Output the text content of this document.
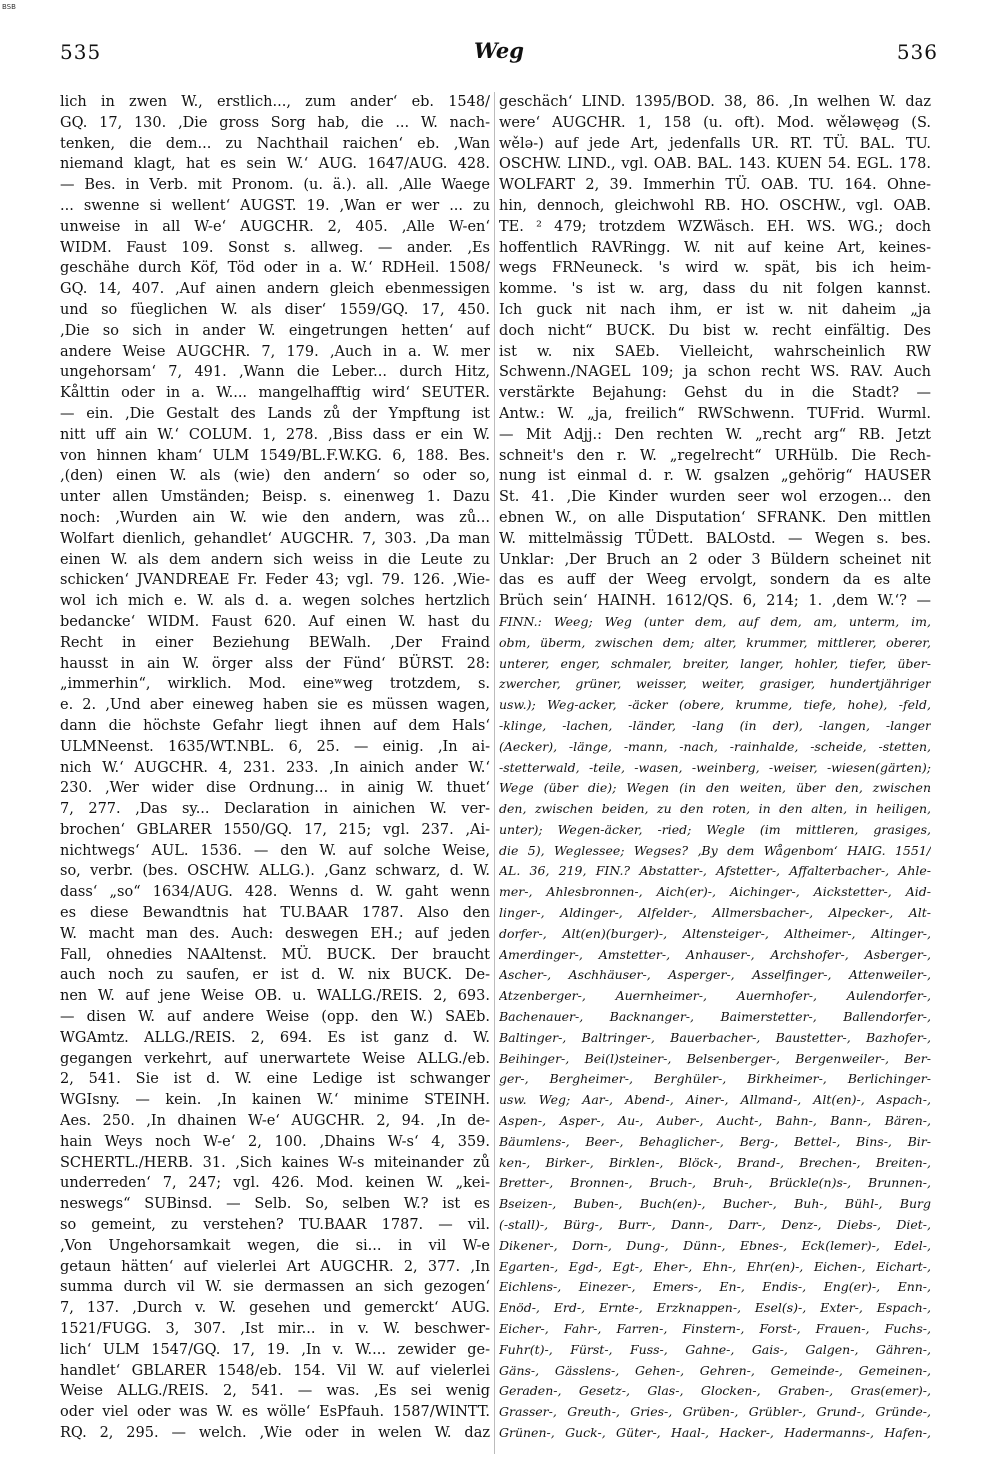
BSB
535	Weg	536
lich in zwen W., erstlich..., zum ander‘ eb. 1548/
GQ. 17, 130. ‚Die gross Sorg hab, die ... W. nach-
tenken, die dem... zu Nachthail raichen‘ eb. ‚Wan
niemand klagt, hat es sein W.‘ AUG. 1647/AUG. 428.
— Bes. in Verb. mit Pronom. (u. ä.). all. ‚Alle Waege
... swenne si wellent‘ AUGST. 19. ‚Wan er wer ... zu
unweise in all W-e‘ AUGCHR. 2, 405. ‚Alle W-en‘
WIDM. Faust 109. Sonst s. allweg. — ander. ‚Es
geschähe durch Köf, Töd oder in a. W.‘ RDHeil. 1508/
GQ. 14, 407. ‚Auf ainen andern gleich ebenmessigen
und so füeglichen W. als diser‘ 1559/GQ. 17, 450.
‚Die so sich in ander W. eingetrungen hetten‘ auf
andere Weise AUGCHR. 7, 179. ‚Auch in a. W. mer
ungehorsam‘ 7, 491. ‚Wann die Leber... durch Hitz,
Kålttin oder in a. W.... mangelhafftig wird‘ SEUTER.
— ein. ‚Die Gestalt des Lands zů der Ympftung ist
nitt uff ain W.‘ COLUM. 1, 278. ‚Biss dass er ein W.
von hinnen kham‘ ULM 1549/BL.F.W.KG. 6, 188. Bes.
‚(den) einen W. als (wie) den andern‘ so oder so,
unter allen Umständen; Beisp. s. einenweg 1. Dazu
noch: ‚Wurden ain W. wie den andern, was zů...
Wolfart dienlich, gehandlet‘ AUGCHR. 7, 303. ‚Da man
einen W. als dem andern sich weiss in die Leute zu
schicken‘ JVANDREAE Fr. Feder 43; vgl. 79. 126. ‚Wie-
wol ich mich e. W. als d. a. wegen solches hertzlich
bedancke‘ WIDM. Faust 620. Auf einen W. hast du
Recht in einer Beziehung BEWalh. ‚Der Fraind
hausst in ain W. örger alss der Fünd‘ BÜRST. 28:
„immerhin“, wirklich. Mod. eineʷweg trotzdem, s.
e. 2. ‚Und aber eineweg haben sie es müssen wagen,
dann die höchste Gefahr liegt ihnen auf dem Hals‘
ULMNeenst. 1635/WT.NBL. 6, 25. — einig. ‚In ai-
nich W.‘ AUGCHR. 4, 231. 233. ‚In ainich ander W.‘
230. ‚Wer wider dise Ordnung... in ainig W. thuet‘
7, 277. ‚Das sy... Declaration in ainichen W. ver-
brochen‘ GBLARER 1550/GQ. 17, 215; vgl. 237. ‚Ai-
nichtwegs‘ AUL. 1536. — den W. auf solche Weise,
so, verbr. (bes. OSCHW. ALLG.). ‚Ganz schwarz, d. W.
dass‘ „so“ 1634/AUG. 428. Wenns d. W. gaht wenn
es diese Bewandtnis hat TU.BAAR 1787. Also den
W. macht man des. Auch: deswegen EH.; auf jeden
Fall, ohnedies NAAltenst. MÜ. BUCK. Der braucht
auch noch zu saufen, er ist d. W. nix BUCK. De-
nen W. auf jene Weise OB. u. WALLG./REIS. 2, 693.
— disen W. auf andere Weise (opp. den W.) SAEb.
WGAmtz. ALLG./REIS. 2, 694. Es ist ganz d. W.
gegangen verkehrt, auf unerwartete Weise ALLG./eb.
2, 541. Sie ist d. W. eine Ledige ist schwanger
WGIsny. — kein. ‚In kainen W.‘ minime STEINH.
Aes. 250. ‚In dhainen W-e‘ AUGCHR. 2, 94. ‚In de-
hain Weys noch W-e‘ 2, 100. ‚Dhains W-s‘ 4, 359.
SCHERTL./HERB. 31. ‚Sich kaines W-s miteinander zů
underreden‘ 7, 247; vgl. 426. Mod. keinen W. „kei-
neswegs“ SUBinsd. — Selb. So, selben W.? ist es
so gemeint, zu verstehen? TU.BAAR 1787. — vil.
‚Von Ungehorsamkait wegen, die si... in vil W-e
getaun hätten‘ auf vielerlei Art AUGCHR. 2, 377. ‚In
summa durch vil W. sie dermassen an sich gezogen‘
7, 137. ‚Durch v. W. gesehen und gemerckt‘ AUG.
1521/FUGG. 3, 307. ‚Ist mir... in v. W. beschwer-
lich‘ ULM 1547/GQ. 17, 19. ‚In v. W.... zewider ge-
handlet‘ GBLARER 1548/eb. 154. Vil W. auf vielerlei
Weise ALLG./REIS. 2, 541. — was. ‚Es sei wenig
oder viel oder was W. es wölle‘ EsPfauh. 1587/WINTT.
RQ. 2, 295. — welch. ‚Wie oder in welen W. daz
geschäch‘ LIND. 1395/BOD. 38, 86. ‚In welhen W. daz
were‘ AUGCHR. 1, 158 (u. oft). Mod. wělǝwęǝg (S.
wělǝ-) auf jede Art, jedenfalls UR. RT. TÜ. BAL. TU.
OSCHW. LIND., vgl. OAB. BAL. 143. KUEN 54. EGL. 178.
WOLFART 2, 39. Immerhin TÜ. OAB. TU. 164. Ohne-
hin, dennoch, gleichwohl RB. HO. OSCHW., vgl. OAB.
TE. ² 479; trotzdem WZWäsch. EH. WS. WG.; doch
hoffentlich RAVRingg. W. nit auf keine Art, keines-
wegs FRNeuneck. 's wird w. spät, bis ich heim-
komme. 's ist w. arg, dass du nit folgen kannst.
Ich guck nit nach ihm, er ist w. nit daheim „ja
doch nicht“ BUCK. Du bist w. recht einfältig. Des
ist w. nix SAEb. Vielleicht, wahrscheinlich RW
Schwenn./NAGEL 109; ja schon recht WS. RAV. Auch
verstärkte Bejahung: Gehst du in die Stadt? —
Antw.: W. „ja, freilich“ RWSchwenn. TUFrid. Wurml.
— Mit Adjj.: Den rechten W. „recht arg“ RB. Jetzt
schneit's den r. W. „regelrecht“ URHülb. Die Rech-
nung ist einmal d. r. W. gsalzen „gehörig“ HAUSER
St. 41. ‚Die Kinder wurden seer wol erzogen... den
ebnen W., on alle Disputation‘ SFRANK. Den mittlen
W. mittelmässig TÜDett. BALOstd. — Wegen s. bes.
Unklar: ‚Der Bruch an 2 oder 3 Büldern scheinet nit
das es auff der Weeg ervolgt, sondern da es alte
Brüch sein‘ HAINH. 1612/QS. 6, 214; 1. ‚dem W.‘? —
FINN.: Weeg; Weg (unter dem, auf dem, am, unterm, im,
obm, überm, zwischen dem; alter, krummer, mittlerer, oberer,
unterer, enger, schmaler, breiter, langer, hohler, tiefer, über-
zwercher, grüner, weisser, weiter, grasiger, hundertjähriger
usw.); Weg-acker, -äcker (obere, krumme, tiefe, hohe), -feld,
-klinge, -lachen, -länder, -lang (in der), -langen, -langer
(Aecker), -länge, -mann, -nach, -rainhalde, -scheide, -stetten,
-stetterwald, -teile, -wasen, -weinberg, -weiser, -wiesen(gärten);
Wege (über die); Wegen (in den weiten, über den, zwischen
den, zwischen beiden, zu den roten, in den alten, in heiligen,
unter); Wegen-äcker, -ried; Wegle (im mittleren, grasiges,
die 5), Weglessee; Wegses? ‚By dem Wågenbom‘ HAIG. 1551/
AL. 36, 219, FIN.? Abstatter-, Afstetter-, Affalterbacher-, Ahle-
mer-, Ahlesbronnen-, Aich(er)-, Aichinger-, Aickstetter-, Aid-
linger-, Aldinger-, Alfelder-, Allmersbacher-, Alpecker-, Alt-
dorfer-, Alt(en)(burger)-, Altensteiger-, Altheimer-, Altinger-,
Amerdinger-, Amstetter-, Anhauser-, Archshofer-, Asberger-,
Ascher-, Aschhäuser-, Asperger-, Asselfinger-, Attenweiler-,
Atzenberger-, Auernheimer-, Auernhofer-, Aulendorfer-,
Bachenauer-, Backnanger-, Baimerstetter-, Ballendorfer-,
Baltinger-, Baltringer-, Bauerbacher-, Baustetter-, Bazhofer-,
Beihinger-, Bei(l)steiner-, Belsenberger-, Bergenweiler-, Ber-
ger-, Bergheimer-, Berghüler-, Birkheimer-, Berlichinger-
usw. Weg; Aar-, Abend-, Ainer-, Allmand-, Alt(en)-, Aspach-,
Aspen-, Asper-, Au-, Auber-, Aucht-, Bahn-, Bann-, Bären-,
Bäumlens-, Beer-, Behaglicher-, Berg-, Bettel-, Bins-, Bir-
ken-, Birker-, Birklen-, Blöck-, Brand-, Brechen-, Breiten-,
Bretter-, Bronnen-, Bruch-, Bruh-, Brückle(n)s-, Brunnen-,
Bseizen-, Buben-, Buch(en)-, Bucher-, Buh-, Bühl-, Burg
(-stall)-, Bürg-, Burr-, Dann-, Darr-, Denz-, Diebs-, Diet-,
Dikener-, Dorn-, Dung-, Dünn-, Ebnes-, Eck(lemer)-, Edel-,
Egarten-, Egd-, Egt-, Eher-, Ehn-, Ehr(en)-, Eichen-, Eichart-,
Eichlens-, Einezer-, Emers-, En-, Endis-, Eng(er)-, Enn-,
Enöd-, Erd-, Ernte-, Erzknappen-, Esel(s)-, Exter-, Espach-,
Eicher-, Fahr-, Farren-, Finstern-, Forst-, Frauen-, Fuchs-,
Fuhr(t)-, Fürst-, Fuss-, Gahne-, Gais-, Galgen-, Gähren-,
Gäns-, Gässlens-, Gehen-, Gehren-, Gemeinde-, Gemeinen-,
Geraden-, Gesetz-, Glas-, Glocken-, Graben-, Gras(emer)-,
Grasser-, Greuth-, Gries-, Grüben-, Grübler-, Grund-, Gründe-,
Grünen-, Guck-, Güter-, Haal-, Hacker-, Hadermanns-, Hafen-,
